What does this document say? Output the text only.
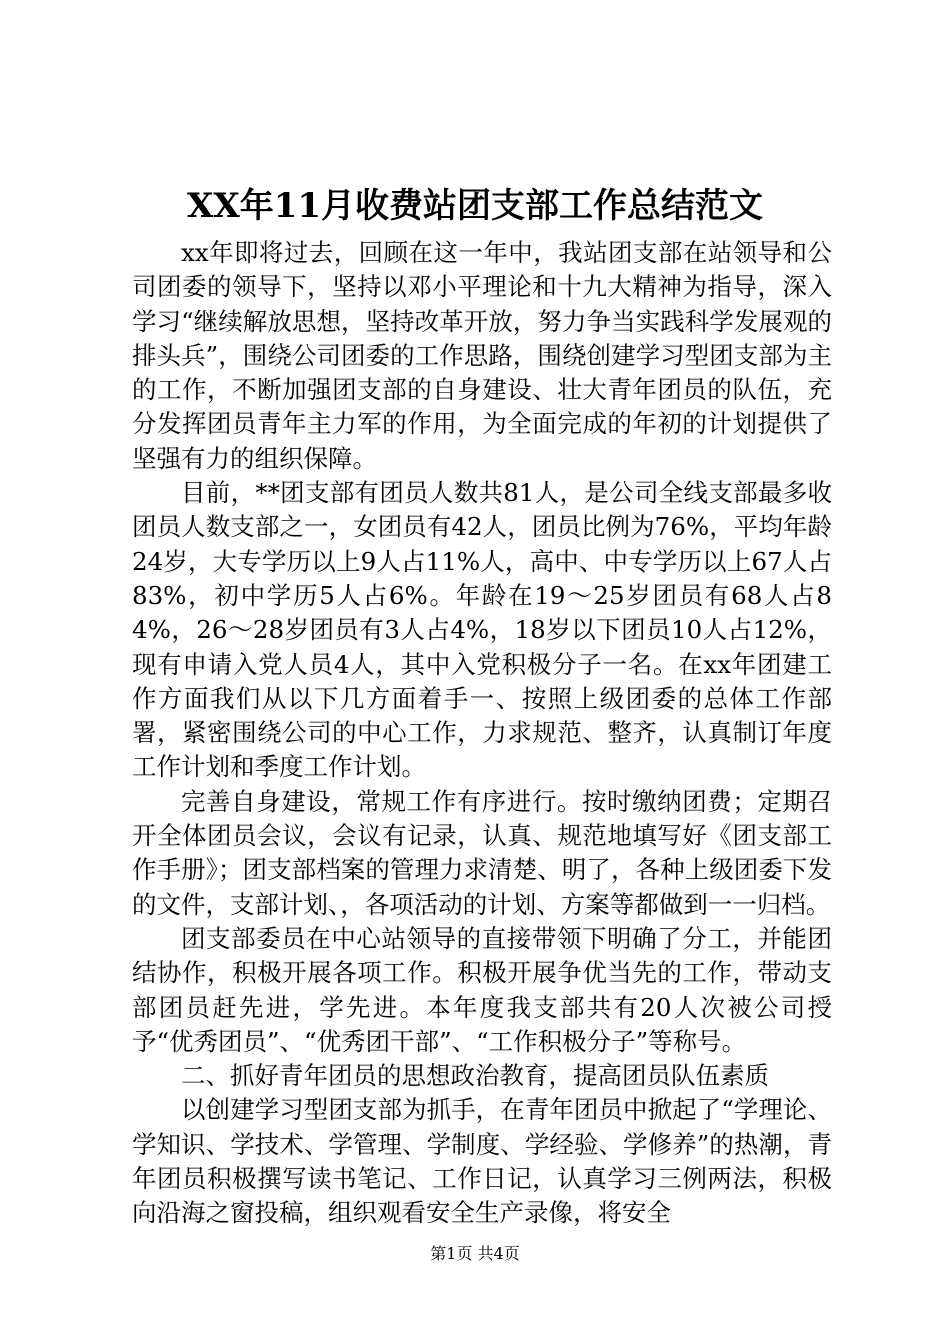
XX年11月收费站团支部工作总结范文

xx年即将过去，回顾在这一年中，我站团支部在站领导和公司团委的领导下，坚持以邓小平理论和十九大精神为指导，深入学习“继续解放思想，坚持改革开放，努力争当实践科学发展观的排头兵”，围绕公司团委的工作思路，围绕创建学习型团支部为主的工作，不断加强团支部的自身建设、壮大青年团员的队伍，充分发挥团员青年主力军的作用，为全面完成的年初的计划提供了坚强有力的组织保障。

目前，**团支部有团员人数共81人，是公司全线支部最多收团员人数支部之一，女团员有42人，团员比例为76%，平均年龄24岁，大专学历以上9人占11%人，高中、中专学历以上67人占83%，初中学历5人占6%。年龄在19～25岁团员有68人占84%，26～28岁团员有3人占4%，18岁以下团员10人占12%，现有申请入党人员4人，其中入党积极分子一名。在xx年团建工作方面我们从以下几方面着手一、按照上级团委的总体工作部署，紧密围绕公司的中心工作，力求规范、整齐，认真制订年度工作计划和季度工作计划。

完善自身建设，常规工作有序进行。按时缴纳团费；定期召开全体团员会议，会议有记录，认真、规范地填写好《团支部工作手册》；团支部档案的管理力求清楚、明了，各种上级团委下发的文件，支部计划、，各项活动的计划、方案等都做到一一归档。

团支部委员在中心站领导的直接带领下明确了分工，并能团结协作，积极开展各项工作。积极开展争优当先的工作，带动支部团员赶先进，学先进。本年度我支部共有20人次被公司授予“优秀团员”、“优秀团干部”、“工作积极分子”等称号。

二、抓好青年团员的思想政治教育，提高团员队伍素质

以创建学习型团支部为抓手，在青年团员中掀起了“学理论、学知识、学技术、学管理、学制度、学经验、学修养”的热潮，青年团员积极撰写读书笔记、工作日记，认真学习三例两法，积极向沿海之窗投稿，组织观看安全生产录像，将安全

第1页 共4页
